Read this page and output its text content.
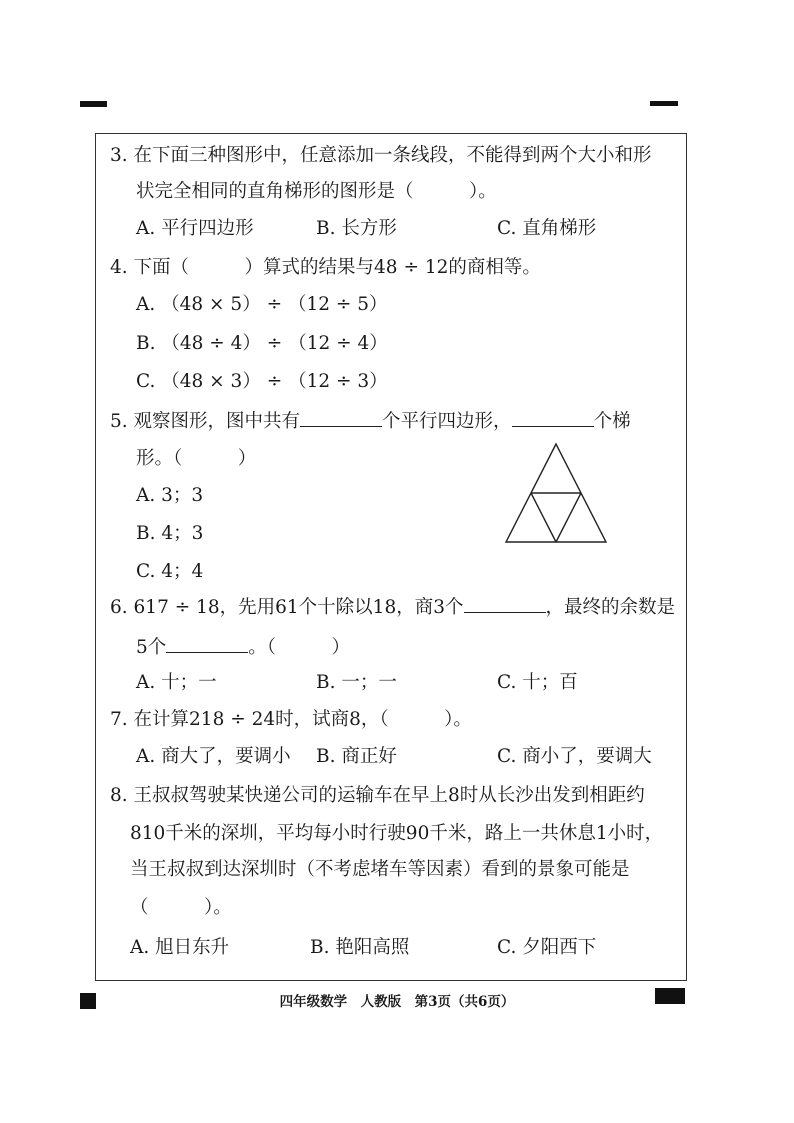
3. 在下面三种图形中，任意添加一条线段，不能得到两个大小和形
状完全相同的直角梯形的图形是（　　　）。
A. 平行四边形	B. 长方形	C. 直角梯形
4. 下面（　　　）算式的结果与48 ÷ 12的商相等。
A. （48 × 5） ÷ （12 ÷ 5）
B. （48 ÷ 4） ÷ （12 ÷ 4）
C. （48 × 3） ÷ （12 ÷ 3）
5. 观察图形，图中共有	个平行四边形，	个梯
形。（　　　）
A. 3；3
B. 4；3
C. 4；4
6. 617 ÷ 18，先用61个十除以18，商3个	，最终的余数是
5个	。（　　　）
A. 十；一	B. 一；一	C. 十；百
7. 在计算218 ÷ 24时，试商8，（　　　）。
A. 商大了，要调小 B. 商正好	C. 商小了，要调大
8. 王叔叔驾驶某快递公司的运输车在早上8时从长沙出发到相距约
810千米的深圳，平均每小时行驶90千米，路上一共休息1小时，
当王叔叔到达深圳时（不考虑堵车等因素）看到的景象可能是
（　　　）。
A. 旭日东升	B. 艳阳高照	C. 夕阳西下
四年级数学　人教版　第3页（共6页）
